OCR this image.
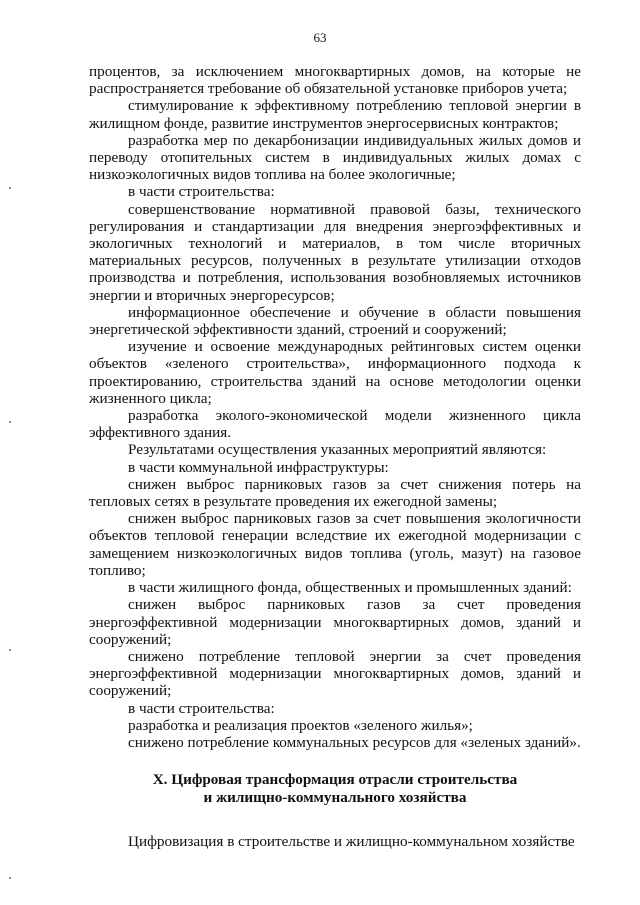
63

процентов, за исключением многоквартирных домов, на которые не распространяется требование об обязательной установке приборов учета;

стимулирование к эффективному потреблению тепловой энергии в жилищном фонде, развитие инструментов энергосервисных контрактов;

разработка мер по декарбонизации индивидуальных жилых домов и переводу отопительных систем в индивидуальных жилых домах с низкоэкологичных видов топлива на более экологичные;

в части строительства:

совершенствование нормативной правовой базы, технического регулирования и стандартизации для внедрения энергоэффективных и экологичных технологий и материалов, в том числе вторичных материальных ресурсов, полученных в результате утилизации отходов производства и потребления, использования возобновляемых источников энергии и вторичных энергоресурсов;

информационное обеспечение и обучение в области повышения энергетической эффективности зданий, строений и сооружений;

изучение и освоение международных рейтинговых систем оценки объектов «зеленого строительства», информационного подхода к проектированию, строительства зданий на основе методологии оценки жизненного цикла;

разработка эколого-экономической модели жизненного цикла эффективного здания.

Результатами осуществления указанных мероприятий являются:

в части коммунальной инфраструктуры:

снижен выброс парниковых газов за счет снижения потерь на тепловых сетях в результате проведения их ежегодной замены;

снижен выброс парниковых газов за счет повышения экологичности объектов тепловой генерации вследствие их ежегодной модернизации с замещением низкоэкологичных видов топлива (уголь, мазут) на газовое топливо;

в части жилищного фонда, общественных и промышленных зданий:

снижен выброс парниковых газов за счет проведения энергоэффективной модернизации многоквартирных домов, зданий и сооружений;

снижено потребление тепловой энергии за счет проведения энергоэффективной модернизации многоквартирных домов, зданий и сооружений;

в части строительства:

разработка и реализация проектов «зеленого жилья»;

снижено потребление коммунальных ресурсов для «зеленых зданий».

X. Цифровая трансформация отрасли строительства
и жилищно-коммунального хозяйства

Цифровизация в строительстве и жилищно-коммунальном хозяйстве
